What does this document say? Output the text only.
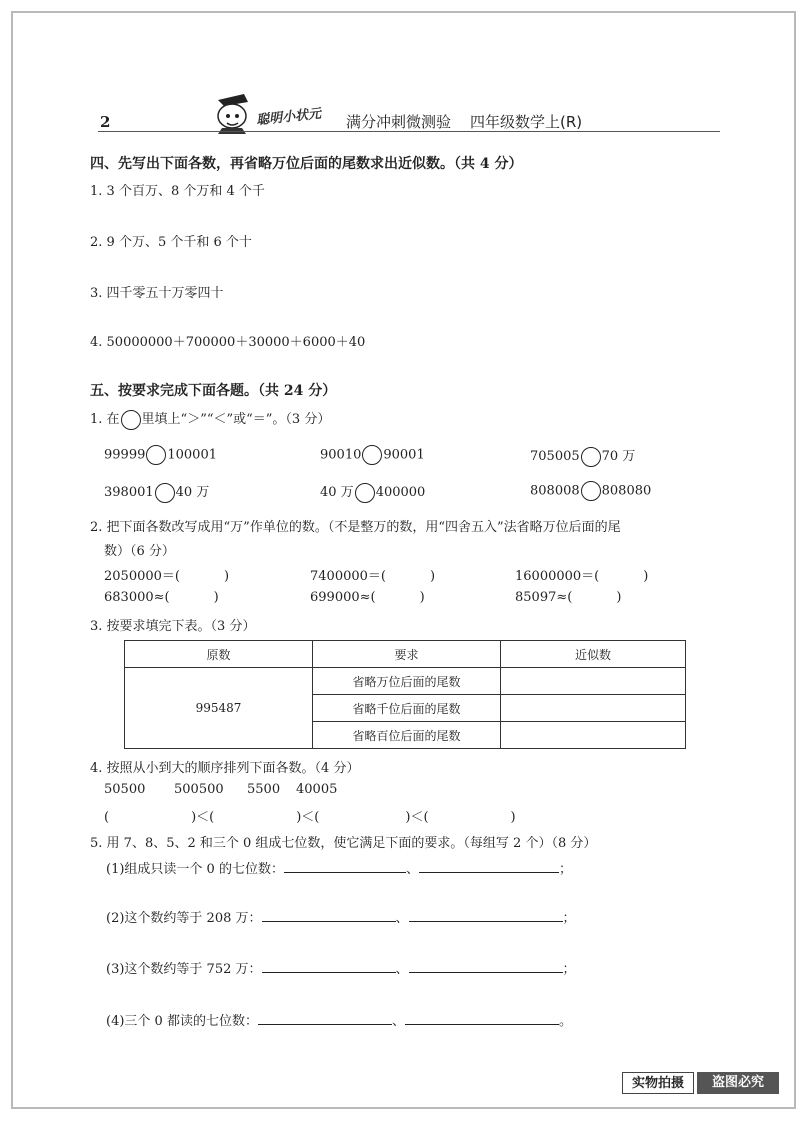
2	聪明小状元 满分冲刺微测验 四年级数学上(R)
四、先写出下面各数，再省略万位后面的尾数求出近似数。（共 4 分）
1. 3 个百万、8 个万和 4 个千
2. 9 个万、5 个千和 6 个十
3. 四千零五十万零四十
4. 50000000＋700000＋30000＋6000＋40
五、按要求完成下面各题。（共 24 分）
1. 在 里填上“＞”“＜”或“＝”。（3 分）
99999 100001	90010 90001	705005 70 万
398001 40 万	40 万 400000	808008 808080
2. 把下面各数改写成用“万”作单位的数。（不是整万的数，用“四舍五入”法省略万位后面的尾
数）（6 分）
2050000＝(	)	7400000＝(	)	16000000＝(	)
683000≈(	)	699000≈(	)	85097≈(	)
3. 按要求填完下表。（3 分）
原数	要求	近似数
995487	省略万位后面的尾数	
	省略千位后面的尾数	
	省略百位后面的尾数	
4. 按照从小到大的顺序排列下面各数。（4 分）
50500 500500 5500 40005
(	)＜(	)＜(	)＜(	)
5. 用 7、8、5、2 和三个 0 组成七位数，使它满足下面的要求。（每组写 2 个）（8 分）
(1)组成只读一个 0 的七位数：	、	；
(2)这个数约等于 208 万：	、	；
(3)这个数约等于 752 万：	、	；
(4)三个 0 都读的七位数：	、	。
实物拍摄	盗图必究
